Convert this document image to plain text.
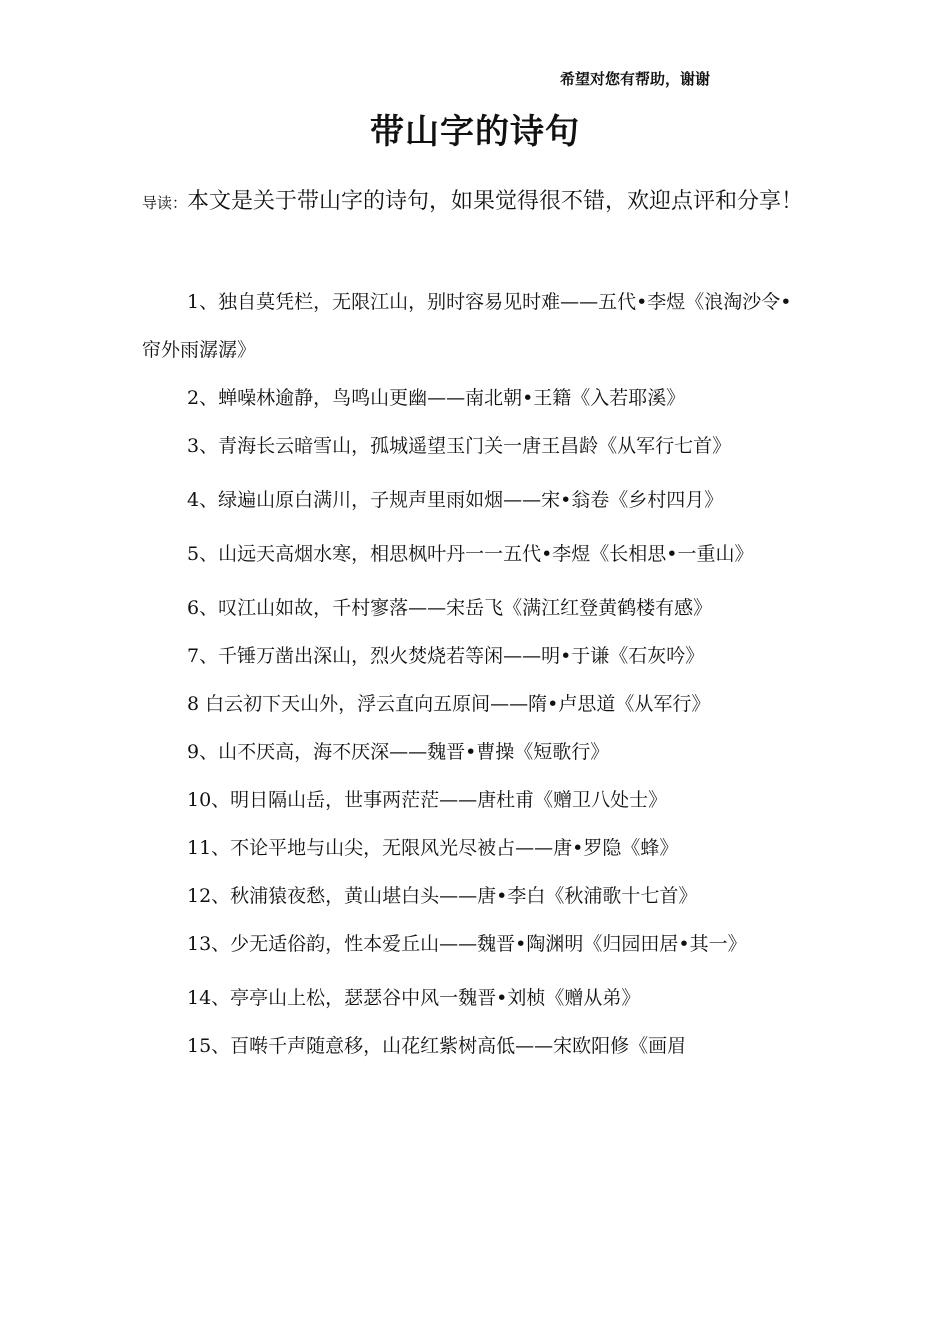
希望对您有帮助，谢谢
带山字的诗句
导读：本文是关于带山字的诗句，如果觉得很不错，欢迎点评和分享！

1、独自莫凭栏，无限江山，别时容易见时难——五代•李煜《浪淘沙令•帘外雨潺潺》

2、蝉噪林逾静，鸟鸣山更幽——南北朝•王籍《入若耶溪》

3、青海长云暗雪山，孤城遥望玉门关一唐王昌龄《从军行七首》

4、绿遍山原白满川，子规声里雨如烟——宋•翁卷《乡村四月》

5、山远天高烟水寒，相思枫叶丹一一五代•李煜《长相思•一重山》

6、叹江山如故，千村寥落——宋岳飞《满江红登黄鹤楼有感》

7、千锤万凿出深山，烈火焚烧若等闲——明•于谦《石灰吟》

8 白云初下天山外，浮云直向五原间——隋•卢思道《从军行》

9、山不厌高，海不厌深——魏晋•曹操《短歌行》

10、明日隔山岳，世事两茫茫——唐杜甫《赠卫八处士》

11、不论平地与山尖，无限风光尽被占——唐•罗隐《蜂》

12、秋浦猿夜愁，黄山堪白头——唐•李白《秋浦歌十七首》

13、少无适俗韵，性本爱丘山——魏晋•陶渊明《归园田居•其一》

14、亭亭山上松，瑟瑟谷中风一魏晋•刘桢《赠从弟》

15、百啭千声随意移，山花红紫树高低——宋欧阳修《画眉
